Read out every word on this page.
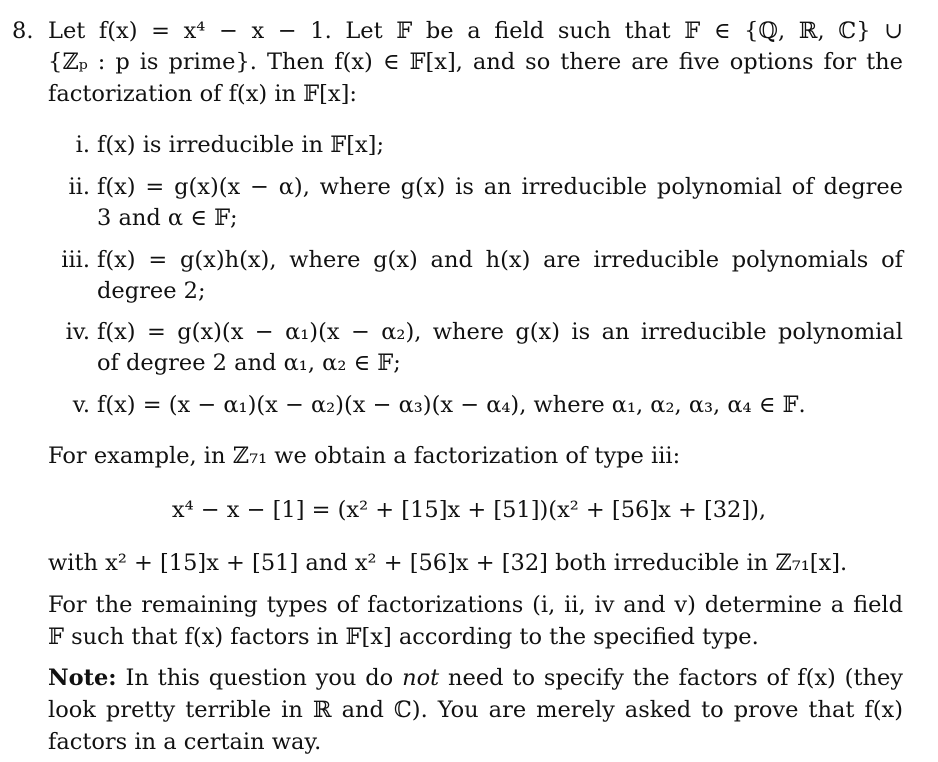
8. Let f(x) = x⁴ − x − 1. Let 𝔽 be a field such that 𝔽 ∈ {ℚ, ℝ, ℂ} ∪
{ℤₚ : p is prime}. Then f(x) ∈ 𝔽[x], and so there are five options for the
factorization of f(x) in 𝔽[x]:
i. f(x) is irreducible in 𝔽[x];
ii. f(x) = g(x)(x − α), where g(x) is an irreducible polynomial of degree
3 and α ∈ 𝔽;
iii. f(x) = g(x)h(x), where g(x) and h(x) are irreducible polynomials of
degree 2;
iv. f(x) = g(x)(x − α₁)(x − α₂), where g(x) is an irreducible polynomial
of degree 2 and α₁, α₂ ∈ 𝔽;
v. f(x) = (x − α₁)(x − α₂)(x − α₃)(x − α₄), where α₁, α₂, α₃, α₄ ∈ 𝔽.
For example, in ℤ₇₁ we obtain a factorization of type iii:
x⁴ − x − [1] = (x² + [15]x + [51])(x² + [56]x + [32]),
with x² + [15]x + [51] and x² + [56]x + [32] both irreducible in ℤ₇₁[x].
For the remaining types of factorizations (i, ii, iv and v) determine a field
𝔽 such that f(x) factors in 𝔽[x] according to the specified type.
Note: In this question you do not need to specify the factors of f(x) (they
look pretty terrible in ℝ and ℂ). You are merely asked to prove that f(x)
factors in a certain way.
